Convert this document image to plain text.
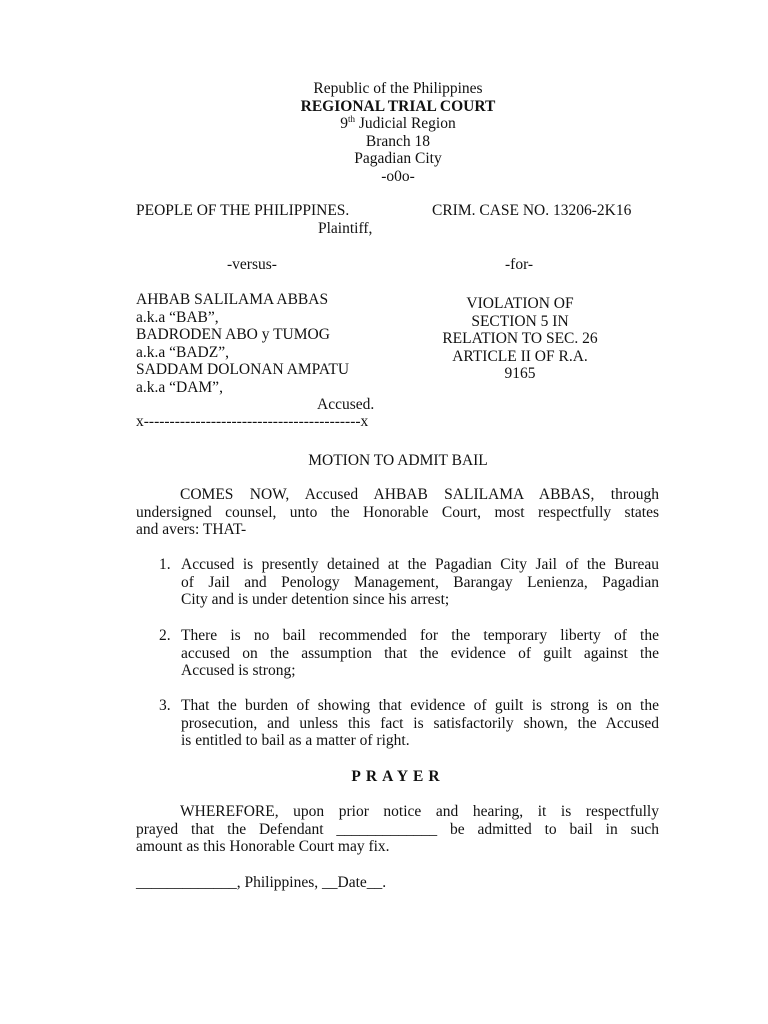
Republic of the Philippines
REGIONAL TRIAL COURT
9th Judicial Region
Branch 18
Pagadian City
-o0o-
PEOPLE OF THE PHILIPPINES.
Plaintiff,
CRIM. CASE NO. 13206-2K16
-versus-	-for-
AHBAB SALILAMA ABBAS
a.k.a “BAB”,
BADRODEN ABO y TUMOG
a.k.a “BADZ”,
SADDAM DOLONAN AMPATU
a.k.a “DAM”,
Accused.
VIOLATION OF
SECTION 5 IN
RELATION TO SEC. 26
ARTICLE II OF R.A.
9165
x------------------------------------------x
MOTION TO ADMIT BAIL
COMES NOW, Accused AHBAB SALILAMA ABBAS, through
undersigned counsel, unto the Honorable Court, most respectfully states
and avers: THAT-
1. Accused is presently detained at the Pagadian City Jail of the Bureau
of Jail and Penology Management, Barangay Lenienza, Pagadian
City and is under detention since his arrest;
2. There is no bail recommended for the temporary liberty of the
accused on the assumption that the evidence of guilt against the
Accused is strong;
3. That the burden of showing that evidence of guilt is strong is on the
prosecution, and unless this fact is satisfactorily shown, the Accused
is entitled to bail as a matter of right.
PRAYER
WHEREFORE, upon prior notice and hearing, it is respectfully
prayed that the Defendant _____________ be admitted to bail in such
amount as this Honorable Court may fix.
_____________, Philippines, __Date__.
